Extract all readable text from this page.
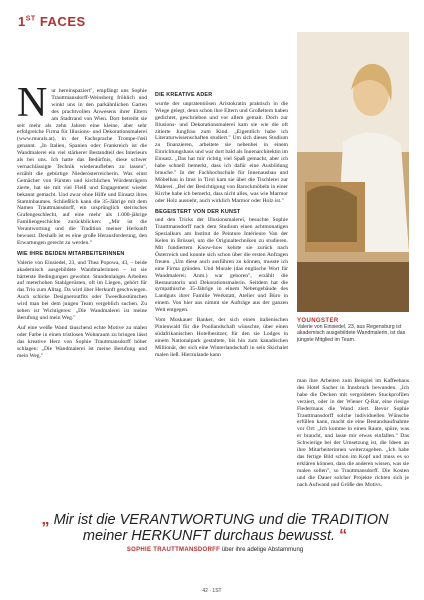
1ST FACES

Nur hereinspaziert", empfängt uns Sophie Trauttmansdorff-Weinsberg fröhlich und winkt uns in den parkähnlichen Garten des prachtvollen Anwesens ihrer Eltern am Stadtrand von Wien. Dort betreibt sie seit mehr als zehn Jahren eine kleine, aber sehr erfolgreiche Firma für Illusions- und Dekorationsmalerei (www.murals.at), in der Fachsprache Trompe-l'œil genannt. „In Italien, Spanien oder Frankreich ist die Wandmalerei ein viel stärkerer Bestandteil des Interieurs als bei uns. Ich hatte das Bedürfnis, diese schwer vernachlässigte Technik wiederaufleben zu lassen", erzählt die gebürtige Niederösterreicherin. Was einst Gemächer von Fürsten und kirchlichen Würdenträgern zierte, hat sie mit viel Fleiß und Engagement wieder bekannt gemacht. Und zwar ohne Hilfe und Einsatz ihres Stammbaumes. Schließlich kann die 35-Jährige mit dem Namen Trauttmansdorff, ein ursprünglich steirisches Grafengeschlecht, auf eine mehr als 1.000-jährige Familiengeschichte zurückblicken: „Mir ist die Verantwortung und die Tradition meiner Herkunft bewusst. Deshalb ist es eine große Herausforderung, den Erwartungen gerecht zu werden."

WIE IHRE BEIDEN MITARBEITERINNEN

Valerie von Einsiedel, 23, und Thea Popowa, 43, – beide akademisch ausgebildete Wandmalerinnen – ist sie bärtetste Bedingungen gewohnt. Stundenlanges Arbeiten auf meterhohen Stahlgerüsten, oft im Liegen, gehört für das Trio zum Alltag. Da wird über Herkunft geschwiegen. Auch schicke Designeroutfits oder Tweedkostümchen wird man bei dem jungen Team vergeblich suchen. Zu sehen ist Wichtigeres: „Die Wandmalerei ist meine Berufung und mein Weg."

Auf eine weiße Wand täuschend echte Motive zu malen oder Farbe in einen tristlosen Wohnraum zu bringen lässt das kreative Herz von Sophie Trauttmansdorff höher schlagen: „Die Wandmalerei ist meine Berufung und mein Weg."

DIE KREATIVE ADER

wurde der unpratentiösen Aristokratin praktisch in die Wiege gelegt, denn schon ihre Eltern und Großeltern haben gedichtet, geschrieben und vor allem gemalt. Doch zur Illusions- und Dekorationsmalerei kam sie wie die oft zitierte Jungfrau zum Kind. „Eigentlich habe ich Literaturwissenschaften studiert." Um sich dieses Studium zu finanzieren, arbeitete sie nebenbei in einem Einrichtungshaus und war dort bald als Innenarchitektin im Einsatz. „Das hat mir richtig viel Spaß gemacht, aber ich habe schnell bemerkt, dass ich dafür eine Ausbildung brauche." In der Fachhochschule für Innenausbau und Möbelbau in Imst in Tirol kam sie über die Tischlerei zur Malerei. „Bei der Besichtigung von Barockmöbeln in einer Kirche habe ich bemerkt, dass nicht alles, was wie Marmor oder Holz aussieht, auch wirklich Marmor oder Holz ist."

BEGEISTERT VON DER KUNST

und den Tricks der Illusionsmalerei, besuchte Sophie Trauttmansdorff nach dem Studium einen achtmonatigen Spezialkurs am Institut de Peinture Intérieure Van der Kelen in Brüssel, um die Originaltechniken zu studieren. Mit fundiertem Know-how kehrte sie zurück nach Österreich und konnte sich schon über die ersten Anfragen freuen. „Um diese auch ausführen zu können, musste ich eine Firma gründen. Und Murale (das englische Wort für Wandmalerei; Anm.) war geboren", erzählt die Restauratorin und Dekorationsmalerin. Seitdem hat die sympathische 35-Jährige in einem Nebengebäude des Landguts ihrer Familie Werkstatt, Atelier und Büro in einem. Von hier aus nimmt sie Aufträge aus der ganzen Welt entgegen.

Vom Moskauer Banker, der sich einen italienischen Pinienwald für die Poollandschaft wünschte, über einen südafrikanischen Hotelbesitzer, für den sie Lodges in einem Nationalpark gestaltete, bis hin zum kanadischen Millionär, der sich eine Winterlandschaft in sein Skichalet malen ließ. Hierzulande kann

YOUNGSTER
Valerie von Einsiedel, 23, aus Regensburg ist akademisch ausgebildete Wandmalerin, ist das jüngste Mitglied im Team.

man ihre Arbeiten zum Beispiel im Kaffeehaus des Hotel Sacher in Innsbruck bewunden. „Ich habe die Decken mit vergoldeten Stuckprofilen verziert, oder in der Wiener Q-Bar, eine riesige Fledermaus die Wand ziert. Bevor Sophie Trauttmansdorff solche individuellen Wünsche erfüllen kann, macht sie eine Bestandsaufnahme vor Ort: „Ich komme in einen Raum, spüre, was er braucht, und lasse mir etwas einfallen." Das Schwierige bei der Umsetzung ist, die Ideen an ihre Mitarbeiterinnen weiterzugeben. „Ich habe das fertige Bild schon im Kopf und muss es so erklären können, dass die anderen wissen, was sie malen sollen", so Trauttmansdorff. Die Kosten und die Dauer solcher Projekte richten sich je nach Aufwand und Größe des Motivs.

„ Mir ist die VERANTWORTUNG und die TRADITION meiner HERKUNFT durchaus bewusst. “
SOPHIE TRAUTTMANSDORFF über ihre adelige Abstammung
42 · 1ST
